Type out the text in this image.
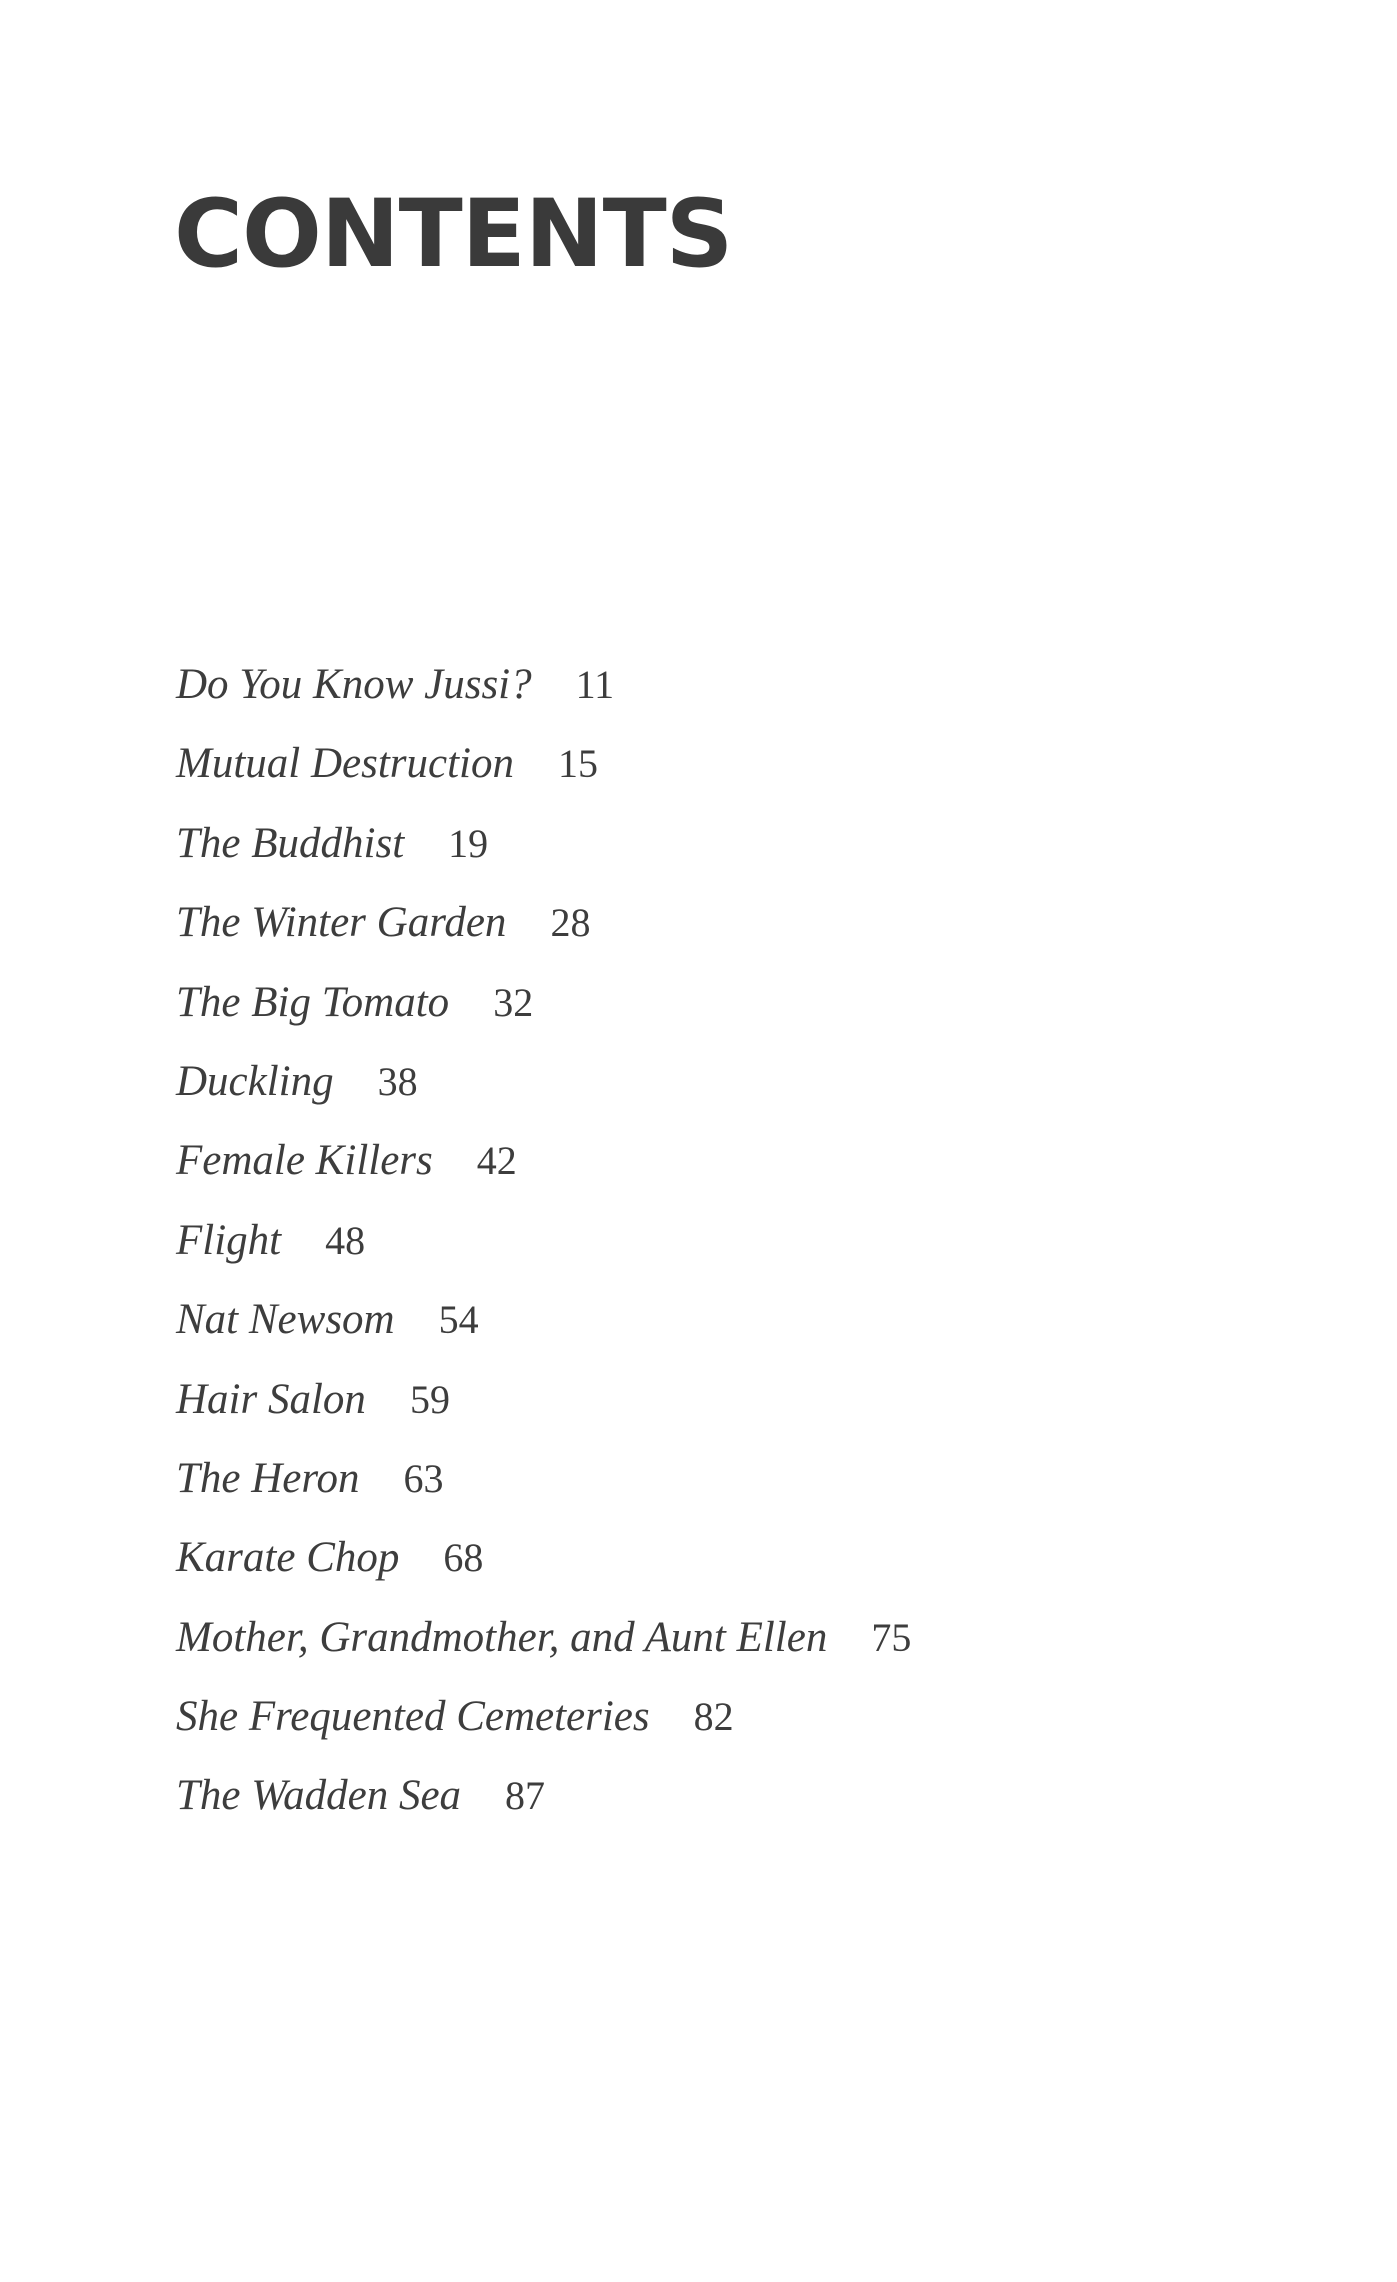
CONTENTS
Do You Know Jussi? 11
Mutual Destruction 15
The Buddhist 19
The Winter Garden 28
The Big Tomato 32
Duckling 38
Female Killers 42
Flight 48
Nat Newsom 54
Hair Salon 59
The Heron 63
Karate Chop 68
Mother, Grandmother, and Aunt Ellen 75
She Frequented Cemeteries 82
The Wadden Sea 87
